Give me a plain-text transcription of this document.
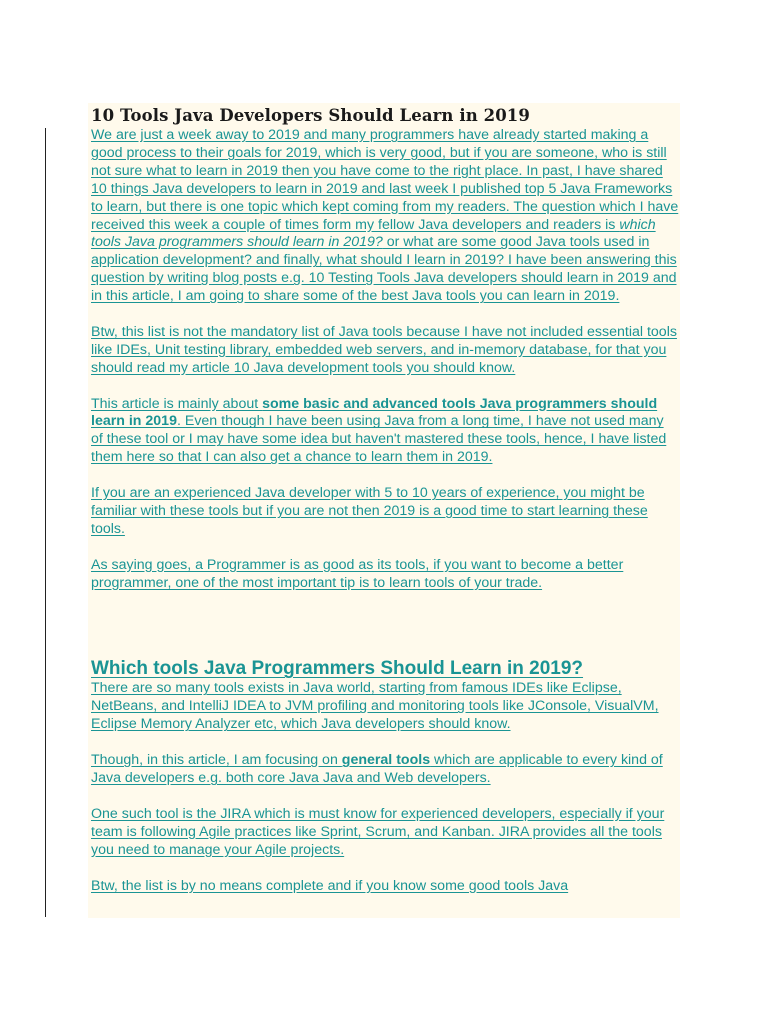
10 Tools Java Developers Should Learn in 2019

We are just a week away to 2019 and many programmers have already started making a good process to their goals for 2019, which is very good, but if you are someone, who is still not sure what to learn in 2019 then you have come to the right place. In past, I have shared 10 things Java developers to learn in 2019 and last week I published top 5 Java Frameworks to learn, but there is one topic which kept coming from my readers. The question which I have received this week a couple of times form my fellow Java developers and readers is which tools Java programmers should learn in 2019? or what are some good Java tools used in application development? and finally, what should I learn in 2019? I have been answering this question by writing blog posts e.g. 10 Testing Tools Java developers should learn in 2019 and in this article, I am going to share some of the best Java tools you can learn in 2019.

Btw, this list is not the mandatory list of Java tools because I have not included essential tools like IDEs, Unit testing library, embedded web servers, and in-memory database, for that you should read my article 10 Java development tools you should know.

This article is mainly about some basic and advanced tools Java programmers should learn in 2019. Even though I have been using Java from a long time, I have not used many of these tool or I may have some idea but haven't mastered these tools, hence, I have listed them here so that I can also get a chance to learn them in 2019.

If you are an experienced Java developer with 5 to 10 years of experience, you might be familiar with these tools but if you are not then 2019 is a good time to start learning these tools.

As saying goes, a Programmer is as good as its tools, if you want to become a better programmer, one of the most important tip is to learn tools of your trade.

Which tools Java Programmers Should Learn in 2019?

There are so many tools exists in Java world, starting from famous IDEs like Eclipse, NetBeans, and IntelliJ IDEA to JVM profiling and monitoring tools like JConsole, VisualVM, Eclipse Memory Analyzer etc, which Java developers should know.

Though, in this article, I am focusing on general tools which are applicable to every kind of Java developers e.g. both core Java Java and Web developers.

One such tool is the JIRA which is must know for experienced developers, especially if your team is following Agile practices like Sprint, Scrum, and Kanban. JIRA provides all the tools you need to manage your Agile projects.

Btw, the list is by no means complete and if you know some good tools Java
